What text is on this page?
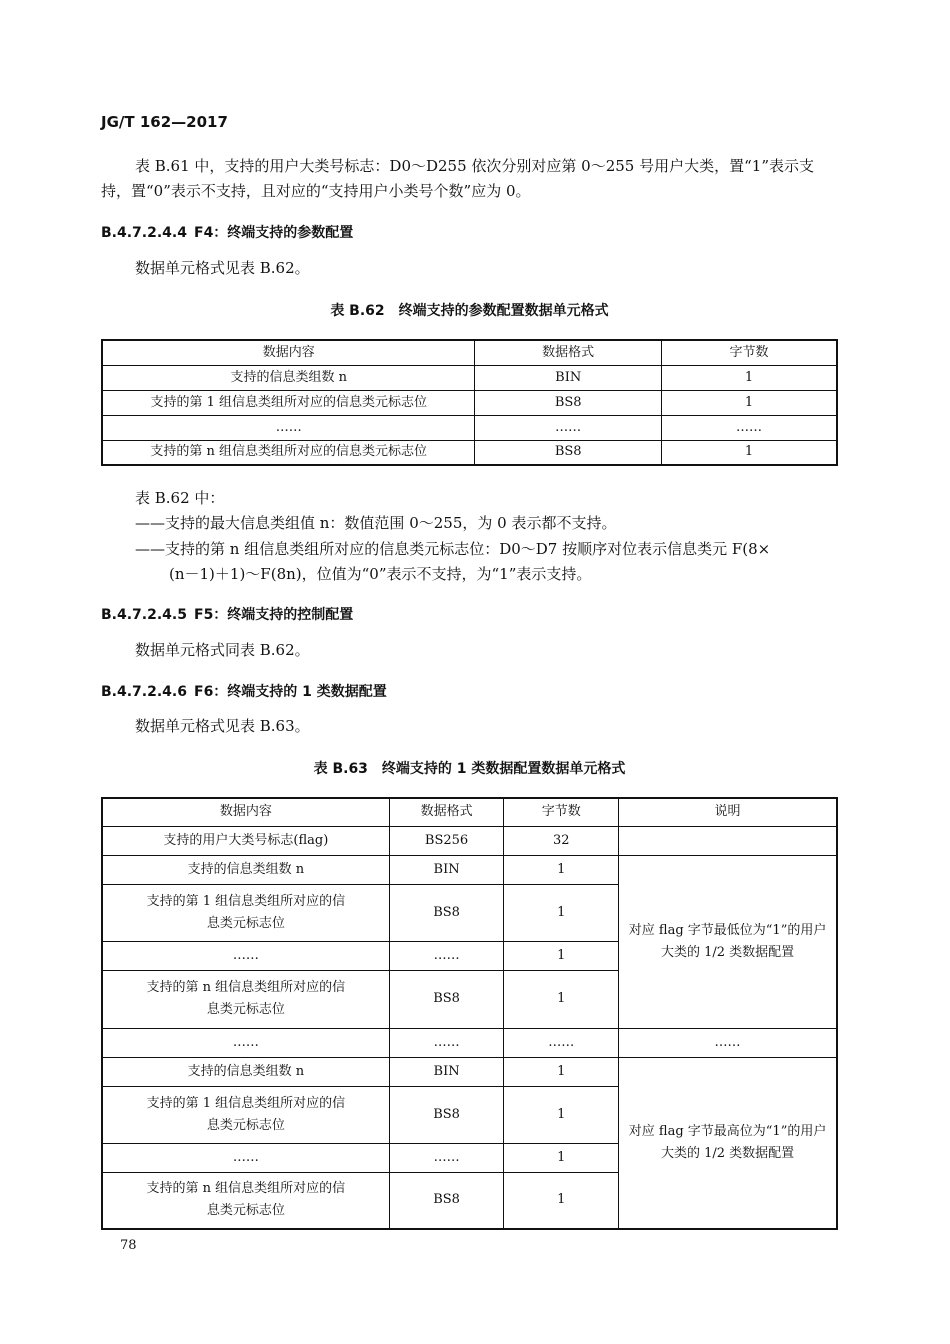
JG/T 162—2017
表 B.61 中，支持的用户大类号标志：D0～D255 依次分别对应第 0～255 号用户大类，置“1”表示支持，置“0”表示不支持，且对应的“支持用户小类号个数”应为 0。
B.4.7.2.4.4 F4：终端支持的参数配置
数据单元格式见表 B.62。
表 B.62　终端支持的参数配置数据单元格式
数据内容	数据格式	字节数
支持的信息类组数 n	BIN	1
支持的第 1 组信息类组所对应的信息类元标志位	BS8	1
……	……	……
支持的第 n 组信息类组所对应的信息类元标志位	BS8	1
表 B.62 中：
——支持的最大信息类组值 n：数值范围 0～255，为 0 表示都不支持。
——支持的第 n 组信息类组所对应的信息类元标志位：D0～D7 按顺序对位表示信息类元 F(8×
(n－1)＋1)～F(8n)，位值为“0”表示不支持，为“1”表示支持。
B.4.7.2.4.5 F5：终端支持的控制配置
数据单元格式同表 B.62。
B.4.7.2.4.6 F6：终端支持的 1 类数据配置
数据单元格式见表 B.63。
表 B.63　终端支持的 1 类数据配置数据单元格式
数据内容	数据格式	字节数	说明
支持的用户大类号标志(flag)	BS256	32	
支持的信息类组数 n	BIN	1	对应 flag 字节最低位为“1”的用户大类的 1/2 类数据配置
支持的第 1 组信息类组所对应的信息类元标志位	BS8	1	
……	……	1	
支持的第 n 组信息类组所对应的信息类元标志位	BS8	1	
……	……	……	……
支持的信息类组数 n	BIN	1	对应 flag 字节最高位为“1”的用户大类的 1/2 类数据配置
支持的第 1 组信息类组所对应的信息类元标志位	BS8	1	
……	……	1	
支持的第 n 组信息类组所对应的信息类元标志位	BS8	1	
78
